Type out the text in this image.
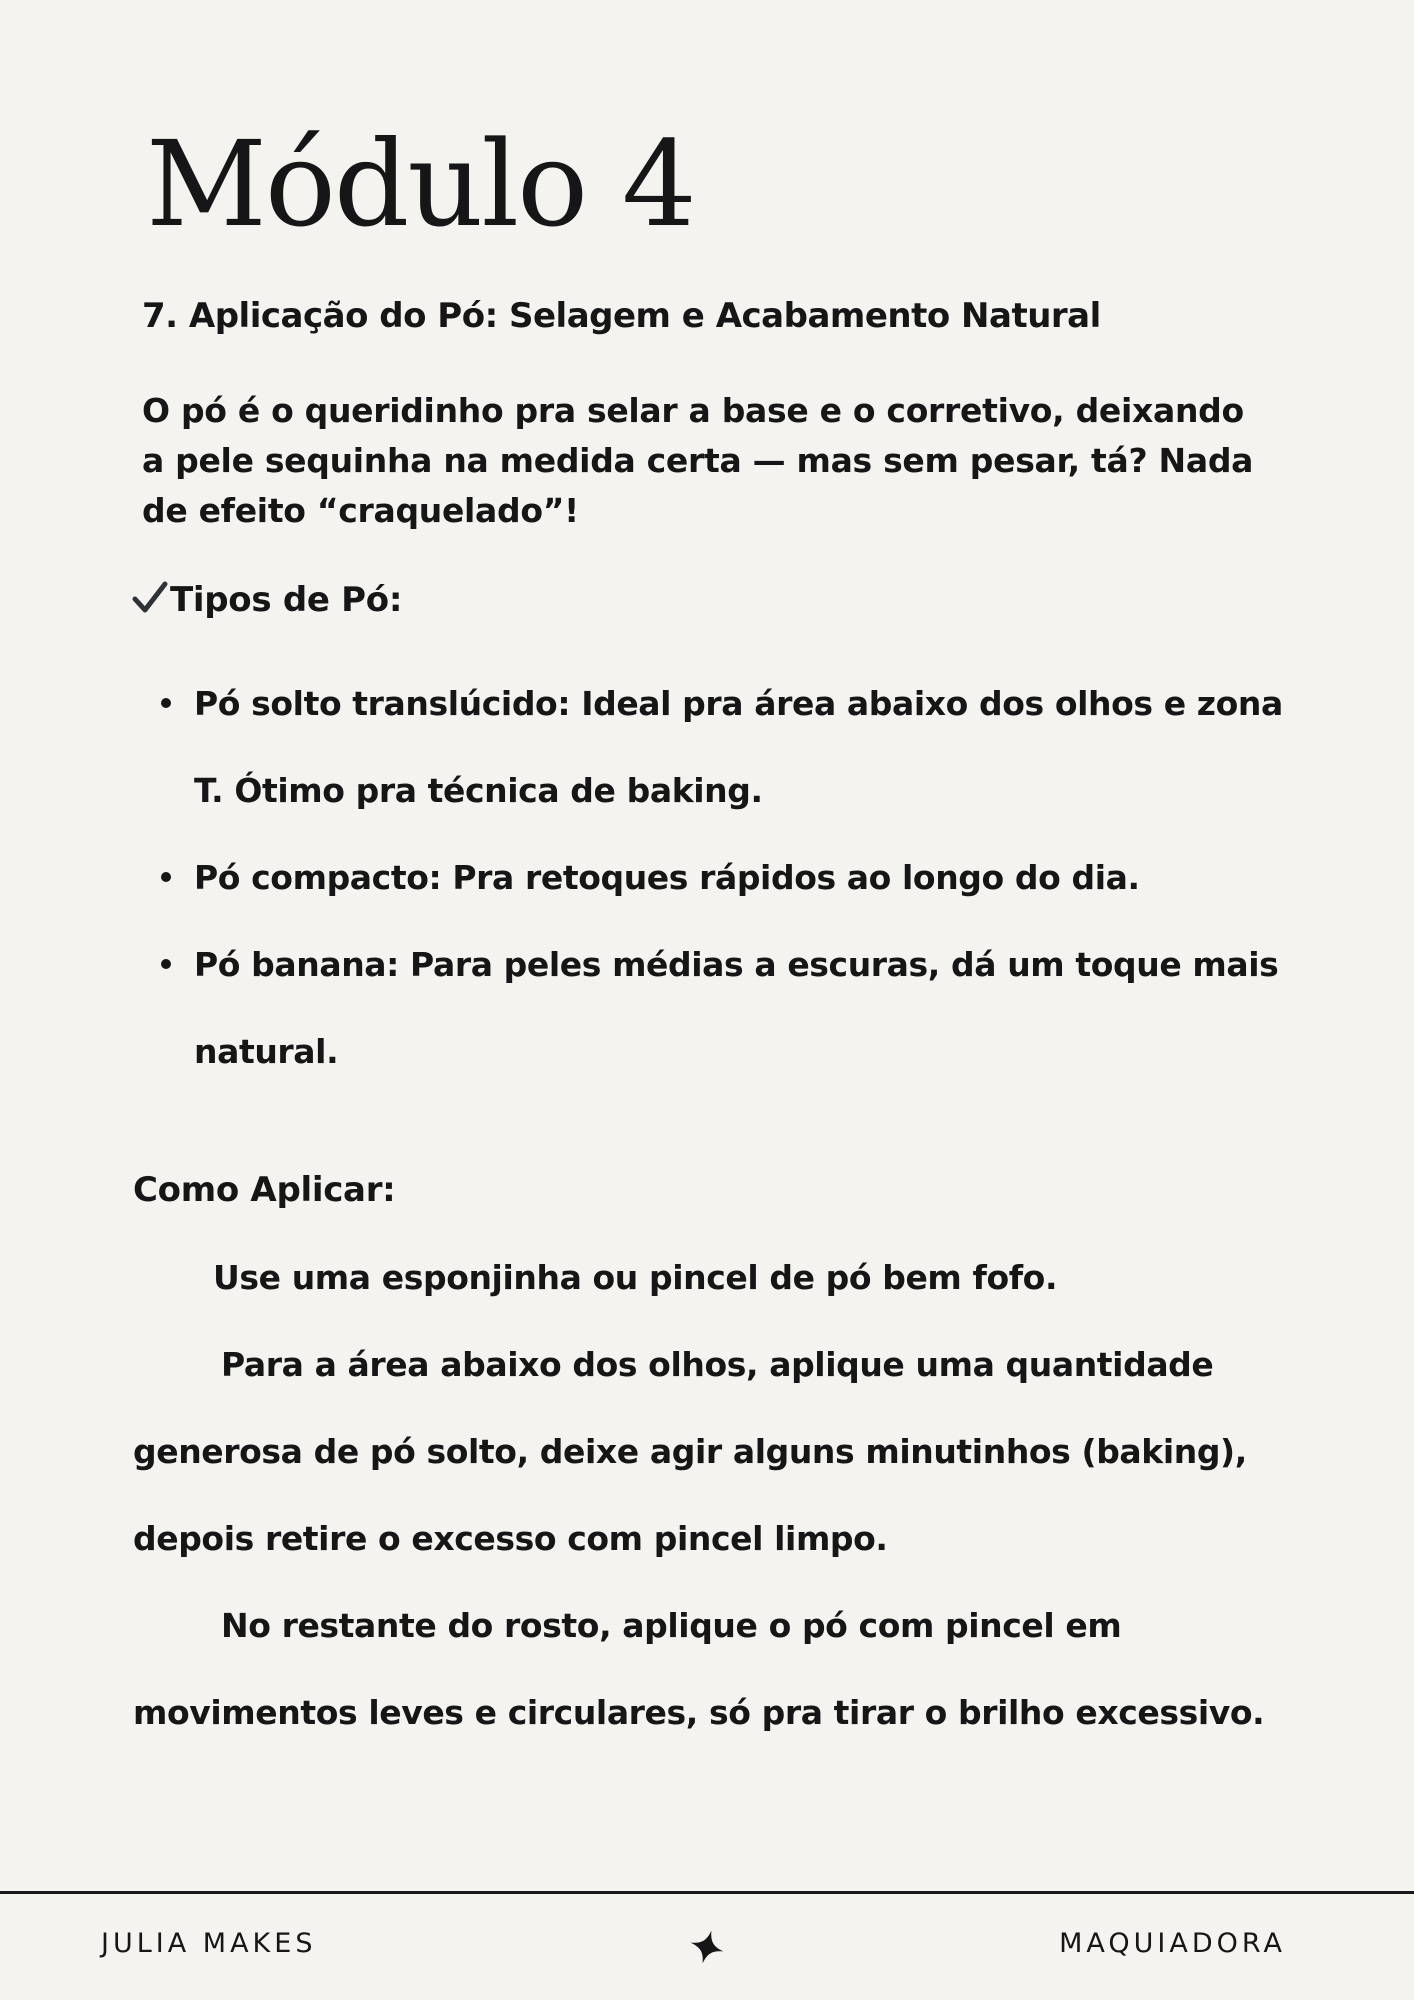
Módulo 4
7. Aplicação do Pó: Selagem e Acabamento Natural

O pó é o queridinho pra selar a base e o corretivo, deixando a pele sequinha na medida certa — mas sem pesar, tá? Nada de efeito “craquelado”!

Tipos de Pó:
Pó solto translúcido: Ideal pra área abaixo dos olhos e zona T. Ótimo pra técnica de baking.
Pó compacto: Pra retoques rápidos ao longo do dia.
Pó banana: Para peles médias a escuras, dá um toque mais natural.
Como Aplicar:

Use uma esponjinha ou pincel de pó bem fofo.

Para a área abaixo dos olhos, aplique uma quantidade generosa de pó solto, deixe agir alguns minutinhos (baking), depois retire o excesso com pincel limpo.

No restante do rosto, aplique o pó com pincel em movimentos leves e circulares, só pra tirar o brilho excessivo.

JULIA MAKES	MAQUIADORA
